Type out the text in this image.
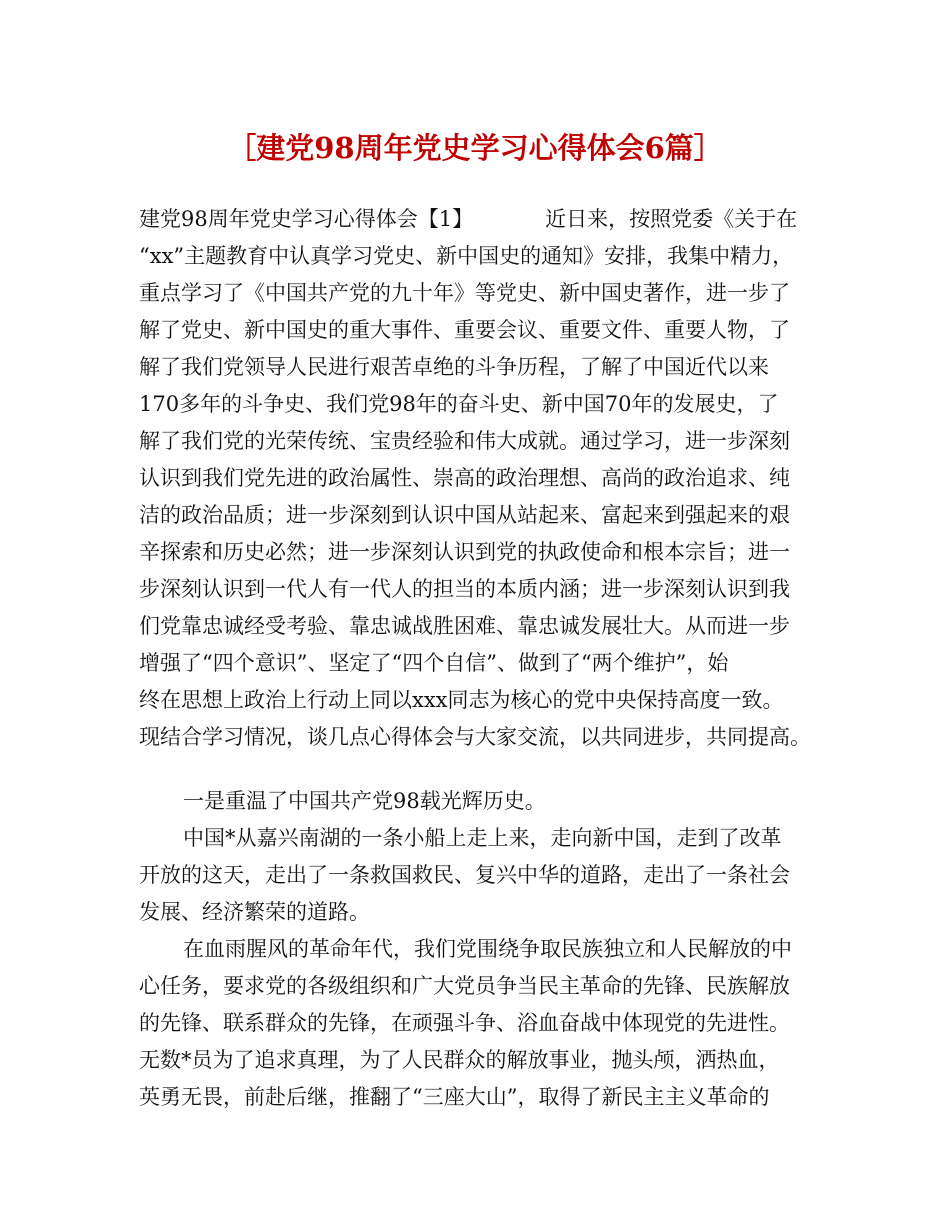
［建党98周年党史学习心得体会6篇］
建党98周年党史学习心得体会【1】	近日来，按照党委《关于在
“xx”主题教育中认真学习党史、新中国史的通知》安排，我集中精力，
重点学习了《中国共产党的九十年》等党史、新中国史著作，进一步了
解了党史、新中国史的重大事件、重要会议、重要文件、重要人物，了
解了我们党领导人民进行艰苦卓绝的斗争历程，了解了中国近代以来
170多年的斗争史、我们党98年的奋斗史、新中国70年的发展史，了
解了我们党的光荣传统、宝贵经验和伟大成就。通过学习，进一步深刻
认识到我们党先进的政治属性、崇高的政治理想、高尚的政治追求、纯
洁的政治品质；进一步深刻到认识中国从站起来、富起来到强起来的艰
辛探索和历史必然；进一步深刻认识到党的执政使命和根本宗旨；进一
步深刻认识到一代人有一代人的担当的本质内涵；进一步深刻认识到我
们党靠忠诚经受考验、靠忠诚战胜困难、靠忠诚发展壮大。从而进一步
增强了“四个意识”、坚定了“四个自信”、做到了“两个维护”，始
终在思想上政治上行动上同以xxx同志为核心的党中央保持高度一致。
现结合学习情况，谈几点心得体会与大家交流，以共同进步，共同提高。
一是重温了中国共产党98载光辉历史。
中国*从嘉兴南湖的一条小船上走上来，走向新中国，走到了改革
开放的这天，走出了一条救国救民、复兴中华的道路，走出了一条社会
发展、经济繁荣的道路。
在血雨腥风的革命年代，我们党围绕争取民族独立和人民解放的中
心任务，要求党的各级组织和广大党员争当民主革命的先锋、民族解放
的先锋、联系群众的先锋，在顽强斗争、浴血奋战中体现党的先进性。
无数*员为了追求真理，为了人民群众的解放事业，抛头颅，洒热血，
英勇无畏，前赴后继，推翻了“三座大山”，取得了新民主主义革命的
